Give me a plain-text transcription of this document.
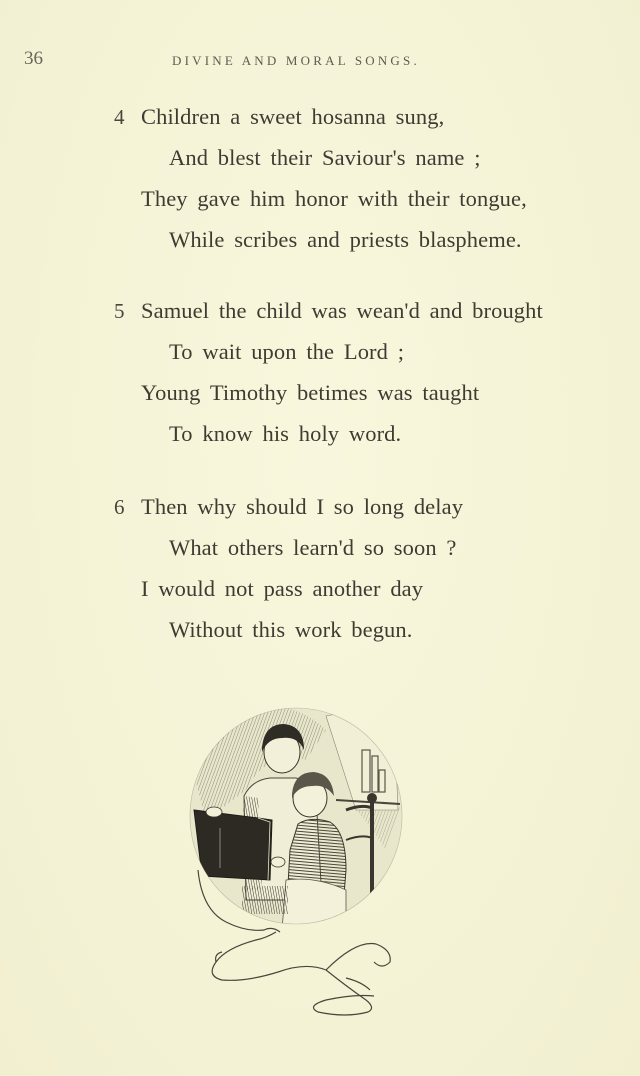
36	DIVINE AND MORAL SONGS.
4 Children a sweet hosanna sung,
And blest their Saviour's name ;
They gave him honor with their tongue,
While scribes and priests blaspheme.
5 Samuel the child was wean'd and brought
To wait upon the Lord ;
Young Timothy betimes was taught
To know his holy word.
6 Then why should I so long delay
What others learn'd so soon ?
I would not pass another day
Without this work begun.
